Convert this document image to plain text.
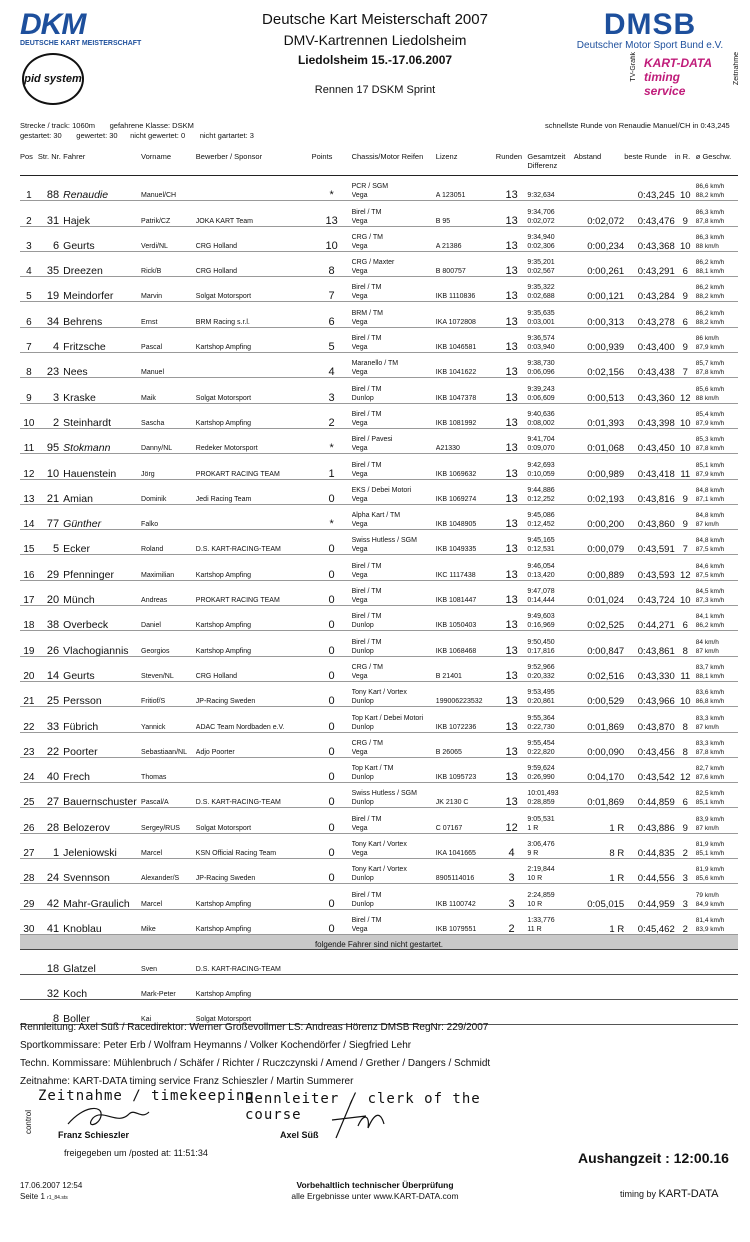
DKM
DEUTSCHE KART MEISTERSCHAFT
pid system
Deutsche Kart Meisterschaft 2007
DMV-Kartrennen Liedolsheim
Liedolsheim 15.-17.06.2007
Rennen 17 DSKM Sprint
DMSB
Deutscher Motor Sport Bund e.V.
TV-Grafik KART-DATA timing service
Zeitnahme
Strecke / track: 1060m gefahrene Klasse: DSKM
gestartet: 30 gewertet: 30 nicht gewertet: 0 nicht gartartet: 3
schnellste Runde von Renaudie Manuel/CH in 0:43,245
Pos	Str. Nr.	Fahrer	Vorname	Bewerber / Sponsor	Points	Chassis/Motor Reifen	Lizenz	Runden	Gesamtzeit Differenz	Abstand	beste Runde	in R.	ø Geschw.
1	88	Renaudie	Manuel/CH		*	PCR / SGM
Vega	A 123051	13	9:32,634		0:43,245	10	86,6 km/h
88,2 km/h

2	31	Hajek	Patrik/CZ	JOKA KART Team	13	Birel / TM
Vega	B 95	13	9:34,706
0:02,072	0:02,072	0:43,476	9	86,3 km/h
87,8 km/h

3	6	Geurts	Verdi/NL	CRG Holland	10	CRG / TM
Vega	A 21386	13	9:34,940
0:02,306	0:00,234	0:43,368	10	86,3 km/h
88 km/h

4	35	Dreezen	Rick/B	CRG Holland	8	CRG / Maxter
Vega	B 800757	13	9:35,201
0:02,567	0:00,261	0:43,291	6	86,2 km/h
88,1 km/h

5	19	Meindorfer	Marvin	Solgat Motorsport	7	Birel / TM
Vega	IKB 1110836	13	9:35,322
0:02,688	0:00,121	0:43,284	9	86,2 km/h
88,2 km/h

6	34	Behrens	Ernst	BRM Racing s.r.l.	6	BRM / TM
Vega	IKA 1072808	13	9:35,635
0:03,001	0:00,313	0:43,278	6	86,2 km/h
88,2 km/h

7	4	Fritzsche	Pascal	Kartshop Ampfing	5	Birel / TM
Vega	IKB 1046581	13	9:36,574
0:03,940	0:00,939	0:43,400	9	86 km/h
87,9 km/h

8	23	Nees	Manuel		4	Maranello / TM
Vega	IKB 1041622	13	9:38,730
0:06,096	0:02,156	0:43,438	7	85,7 km/h
87,8 km/h

9	3	Kraske	Maik	Solgat Motorsport	3	Birel / TM
Dunlop	IKB 1047378	13	9:39,243
0:06,609	0:00,513	0:43,360	12	85,6 km/h
88 km/h

10	2	Steinhardt	Sascha	Kartshop Ampfing	2	Birel / TM
Vega	IKB 1081992	13	9:40,636
0:08,002	0:01,393	0:43,398	10	85,4 km/h
87,9 km/h

11	95	Stokmann	Danny/NL	Redeker Motorsport	*	Birel / Pavesi
Vega	A21330	13	9:41,704
0:09,070	0:01,068	0:43,450	10	85,3 km/h
87,8 km/h

12	10	Hauenstein	Jörg	PROKART RACING TEAM	1	Birel / TM
Vega	IKB 1069632	13	9:42,693
0:10,059	0:00,989	0:43,418	11	85,1 km/h
87,9 km/h

13	21	Amian	Dominik	Jedi Racing Team	0	EKS / Debei Motori
Vega	IKB 1069274	13	9:44,886
0:12,252	0:02,193	0:43,816	9	84,8 km/h
87,1 km/h

14	77	Günther	Falko		*	Alpha Kart / TM
Vega	IKB 1048905	13	9:45,086
0:12,452	0:00,200	0:43,860	9	84,8 km/h
87 km/h

15	5	Ecker	Roland	D.S. KART-RACING-TEAM	0	Swiss Hutless / SGM
Vega	IKB 1049335	13	9:45,165
0:12,531	0:00,079	0:43,591	7	84,8 km/h
87,5 km/h

16	29	Pfenninger	Maximilian	Kartshop Ampfing	0	Birel / TM
Vega	IKC 1117438	13	9:46,054
0:13,420	0:00,889	0:43,593	12	84,6 km/h
87,5 km/h

17	20	Münch	Andreas	PROKART RACING TEAM	0	Birel / TM
Vega	IKB 1081447	13	9:47,078
0:14,444	0:01,024	0:43,724	10	84,5 km/h
87,3 km/h

18	38	Overbeck	Daniel	Kartshop Ampfing	0	Birel / TM
Dunlop	IKB 1050403	13	9:49,603
0:16,969	0:02,525	0:44,271	6	84,1 km/h
86,2 km/h

19	26	Vlachogiannis	Georgios	Kartshop Ampfing	0	Birel / TM
Dunlop	IKB 1068468	13	9:50,450
0:17,816	0:00,847	0:43,861	8	84 km/h
87 km/h

20	14	Geurts	Steven/NL	CRG Holland	0	CRG / TM
Vega	B 21401	13	9:52,966
0:20,332	0:02,516	0:43,330	11	83,7 km/h
88,1 km/h

21	25	Persson	Fritiof/S	JP-Racing Sweden	0	Tony Kart / Vortex
Dunlop	199006223532	13	9:53,495
0:20,861	0:00,529	0:43,966	10	83,6 km/h
86,8 km/h

22	33	Fübrich	Yannick	ADAC Team Nordbaden e.V.	0	Top Kart / Debei Motori
Dunlop	IKB 1072236	13	9:55,364
0:22,730	0:01,869	0:43,870	8	83,3 km/h
87 km/h

23	22	Poorter	Sebastiaan/NL	Adjo Poorter	0	CRG / TM
Vega	B 26065	13	9:55,454
0:22,820	0:00,090	0:43,456	8	83,3 km/h
87,8 km/h

24	40	Frech	Thomas		0	Top Kart / TM
Dunlop	IKB 1095723	13	9:59,624
0:26,990	0:04,170	0:43,542	12	82,7 km/h
87,6 km/h

25	27	Bauernschuster	Pascal/A	D.S. KART-RACING-TEAM	0	Swiss Hutless / SGM
Dunlop	JK 2130 C	13	10:01,493
0:28,859	0:01,869	0:44,859	6	82,5 km/h
85,1 km/h

26	28	Belozerov	Sergey/RUS	Solgat Motorsport	0	Birel / TM
Vega	C 07167	12	9:05,531
1 R	1 R	0:43,886	9	83,9 km/h
87 km/h

27	1	Jeleniowski	Marcel	KSN Official Racing Team	0	Tony Kart / Vortex
Vega	IKA 1041665	4	3:06,476
9 R	8 R	0:44,835	2	81,9 km/h
85,1 km/h

28	24	Svennson	Alexander/S	JP-Racing Sweden	0	Tony Kart / Vortex
Dunlop	8905114016	3	2:19,844
10 R	1 R	0:44,556	3	81,9 km/h
85,6 km/h

29	42	Mahr-Graulich	Marcel	Kartshop Ampfing	0	Birel / TM
Dunlop	IKB 1100742	3	2:24,859
10 R	0:05,015	0:44,959	3	79 km/h
84,9 km/h

30	41	Knoblau	Mike	Kartshop Ampfing	0	Birel / TM
Vega	IKB 1079551	2	1:33,776
11 R	1 R	0:45,462	2	81,4 km/h
83,9 km/h

folgende Fahrer sind nicht gestartet.													
	18	Glatzel	Sven	D.S. KART-RACING-TEAM									
	32	Koch	Mark-Peter	Kartshop Ampfing									
	8	Boller	Kai	Solgat Motorsport									
Rennleitung: Axel Süß / Racedirektor: Werner Großevollmer LS: Andreas Hörenz DMSB RegNr: 229/2007
Sportkommissare: Peter Erb / Wolfram Heymanns / Volker Kochendörfer / Siegfried Lehr
Techn. Kommissare: Mühlenbruch / Schäfer / Richter / Ruczczynski / Amend / Grether / Dangers / Schmidt
Zeitnahme: KART-DATA timing service Franz Schieszler / Martin Summerer
Zeitnahme / timekeeping
control
Franz Schieszler
freigegeben um /posted at: 11:51:34
Rennleiter / clerk of the course
Axel Süß
Aushangzeit : 12:00.16
17.06.2007 12:54
Seite 1 r1_84.sts
Vorbehaltlich technischer Überprüfung
alle Ergebnisse unter www.KART-DATA.com	timing by KART-DATA
